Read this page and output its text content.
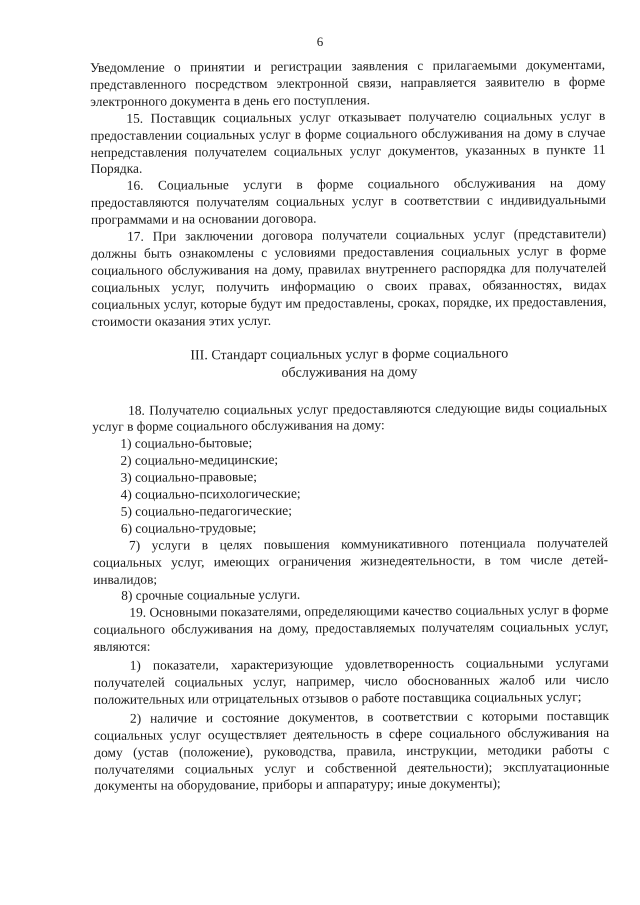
6

Уведомление о принятии и регистрации заявления с прилагаемыми документами, представленного посредством электронной связи, направляется заявителю в форме электронного документа в день его поступления.

15. Поставщик социальных услуг отказывает получателю социальных услуг в предоставлении социальных услуг в форме социального обслуживания на дому в случае непредставления получателем социальных услуг документов, указанных в пункте 11 Порядка.

16. Социальные услуги в форме социального обслуживания на дому предоставляются получателям социальных услуг в соответствии с индивидуальными программами и на основании договора.

17. При заключении договора получатели социальных услуг (представители) должны быть ознакомлены с условиями предоставления социальных услуг в форме социального обслуживания на дому, правилах внутреннего распорядка для получателей социальных услуг, получить информацию о своих правах, обязанностях, видах социальных услуг, которые будут им предоставлены, сроках, порядке, их предоставления, стоимости оказания этих услуг.

III. Стандарт социальных услуг в форме социального
обслуживания на дому

18. Получателю социальных услуг предоставляются следующие виды социальных услуг в форме социального обслуживания на дому:

1) социально-бытовые;

2) социально-медицинские;

3) социально-правовые;

4) социально-психологические;

5) социально-педагогические;

6) социально-трудовые;

7) услуги в целях повышения коммуникативного потенциала получателей социальных услуг, имеющих ограничения жизнедеятельности, в том числе детей-инвалидов;

8) срочные социальные услуги.

19. Основными показателями, определяющими качество социальных услуг в форме социального обслуживания на дому, предоставляемых получателям социальных услуг, являются:

1) показатели, характеризующие удовлетворенность социальными услугами получателей социальных услуг, например, число обоснованных жалоб или число положительных или отрицательных отзывов о работе поставщика социальных услуг;

2) наличие и состояние документов, в соответствии с которыми поставщик социальных услуг осуществляет деятельность в сфере социального обслуживания на дому (устав (положение), руководства, правила, инструкции, методики работы с получателями социальных услуг и собственной деятельности); эксплуатационные документы на оборудование, приборы и аппаратуру; иные документы);
